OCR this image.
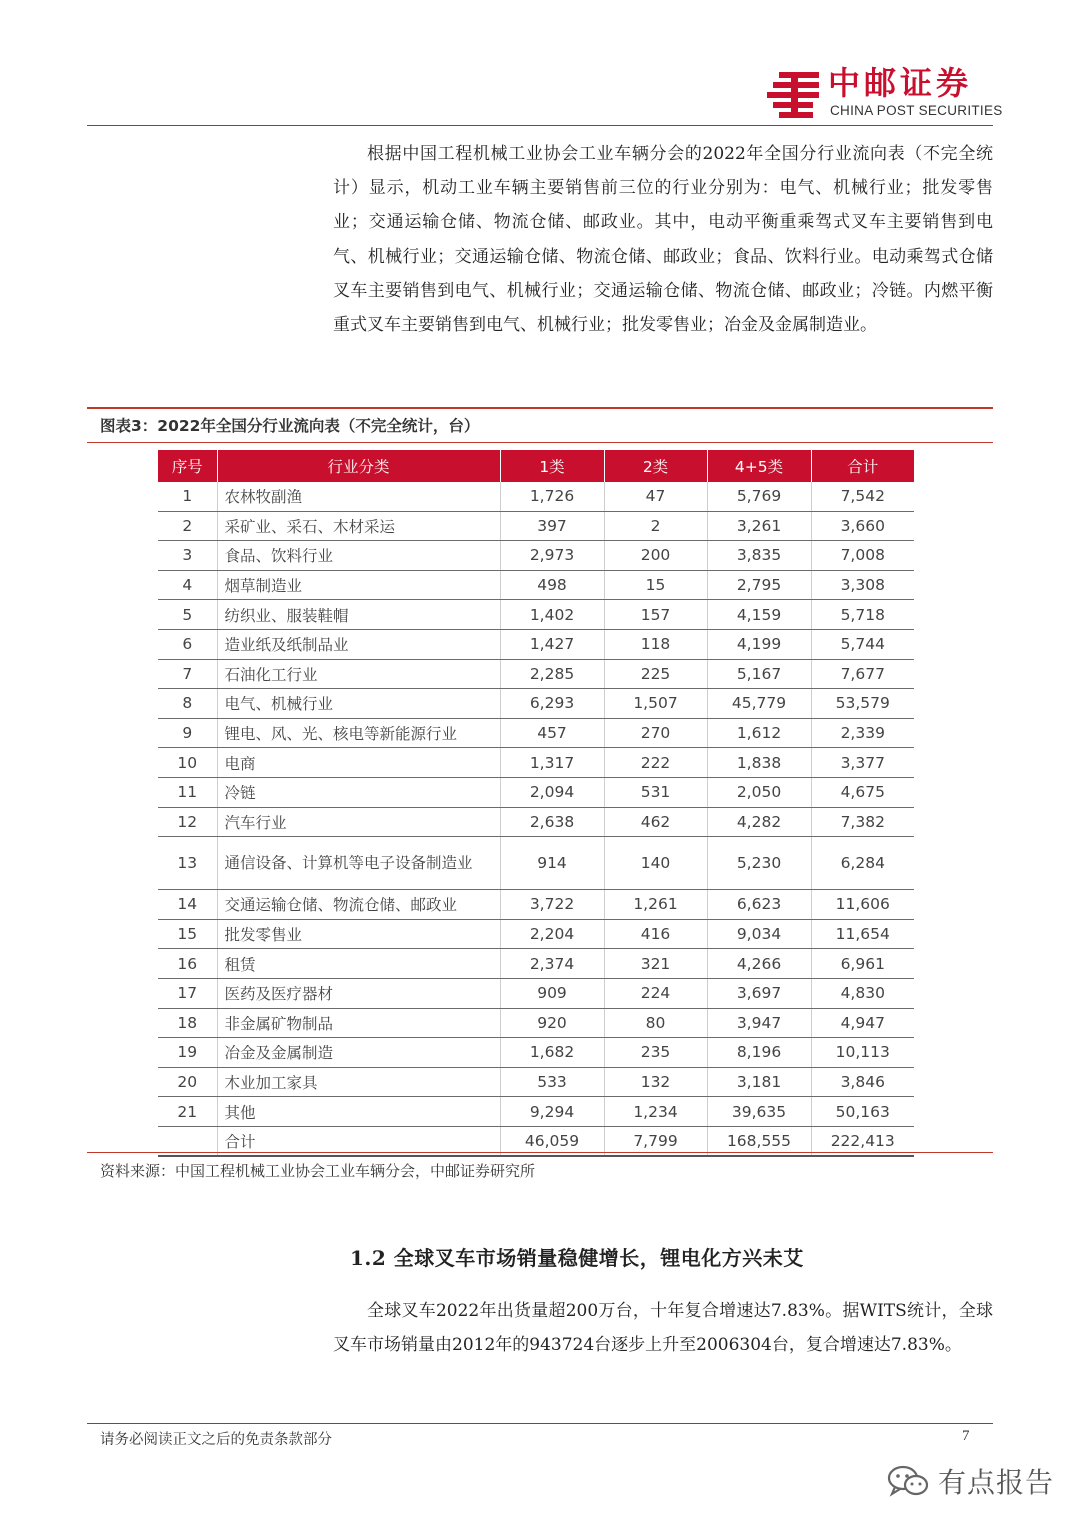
中邮证券
CHINA POST SECURITIES

根据中国工程机械工业协会工业车辆分会的2022年全国分行业流向表（不完全统计）显示，机动工业车辆主要销售前三位的行业分别为：电气、机械行业；批发零售业；交通运输仓储、物流仓储、邮政业。其中，电动平衡重乘驾式叉车主要销售到电气、机械行业；交通运输仓储、物流仓储、邮政业；食品、饮料行业。电动乘驾式仓储叉车主要销售到电气、机械行业；交通运输仓储、物流仓储、邮政业；冷链。内燃平衡重式叉车主要销售到电气、机械行业；批发零售业；冶金及金属制造业。

图表3：2022年全国分行业流向表（不完全统计，台）
序号	行业分类	1类	2类	4+5类	合计
1	农林牧副渔	1,726	47	5,769	7,542
2	采矿业、采石、木材采运	397	2	3,261	3,660
3	食品、饮料行业	2,973	200	3,835	7,008
4	烟草制造业	498	15	2,795	3,308
5	纺织业、服装鞋帽	1,402	157	4,159	5,718
6	造业纸及纸制品业	1,427	118	4,199	5,744
7	石油化工行业	2,285	225	5,167	7,677
8	电气、机械行业	6,293	1,507	45,779	53,579
9	锂电、风、光、核电等新能源行业	457	270	1,612	2,339
10	电商	1,317	222	1,838	3,377
11	冷链	2,094	531	2,050	4,675
12	汽车行业	2,638	462	4,282	7,382
13	通信设备、计算机等电子设备制造业	914	140	5,230	6,284
14	交通运输仓储、物流仓储、邮政业	3,722	1,261	6,623	11,606
15	批发零售业	2,204	416	9,034	11,654
16	租赁	2,374	321	4,266	6,961
17	医药及医疗器材	909	224	3,697	4,830
18	非金属矿物制品	920	80	3,947	4,947
19	冶金及金属制造	1,682	235	8,196	10,113
20	木业加工家具	533	132	3,181	3,846
21	其他	9,294	1,234	39,635	50,163
	合计	46,059	7,799	168,555	222,413
资料来源：中国工程机械工业协会工业车辆分会，中邮证券研究所
1.2 全球叉车市场销量稳健增长，锂电化方兴未艾

全球叉车2022年出货量超200万台，十年复合增速达7.83%。据WITS统计，全球叉车市场销量由2012年的943724台逐步上升至2006304台，复合增速达7.83%。

请务必阅读正文之后的免责条款部分	7
有点报告
